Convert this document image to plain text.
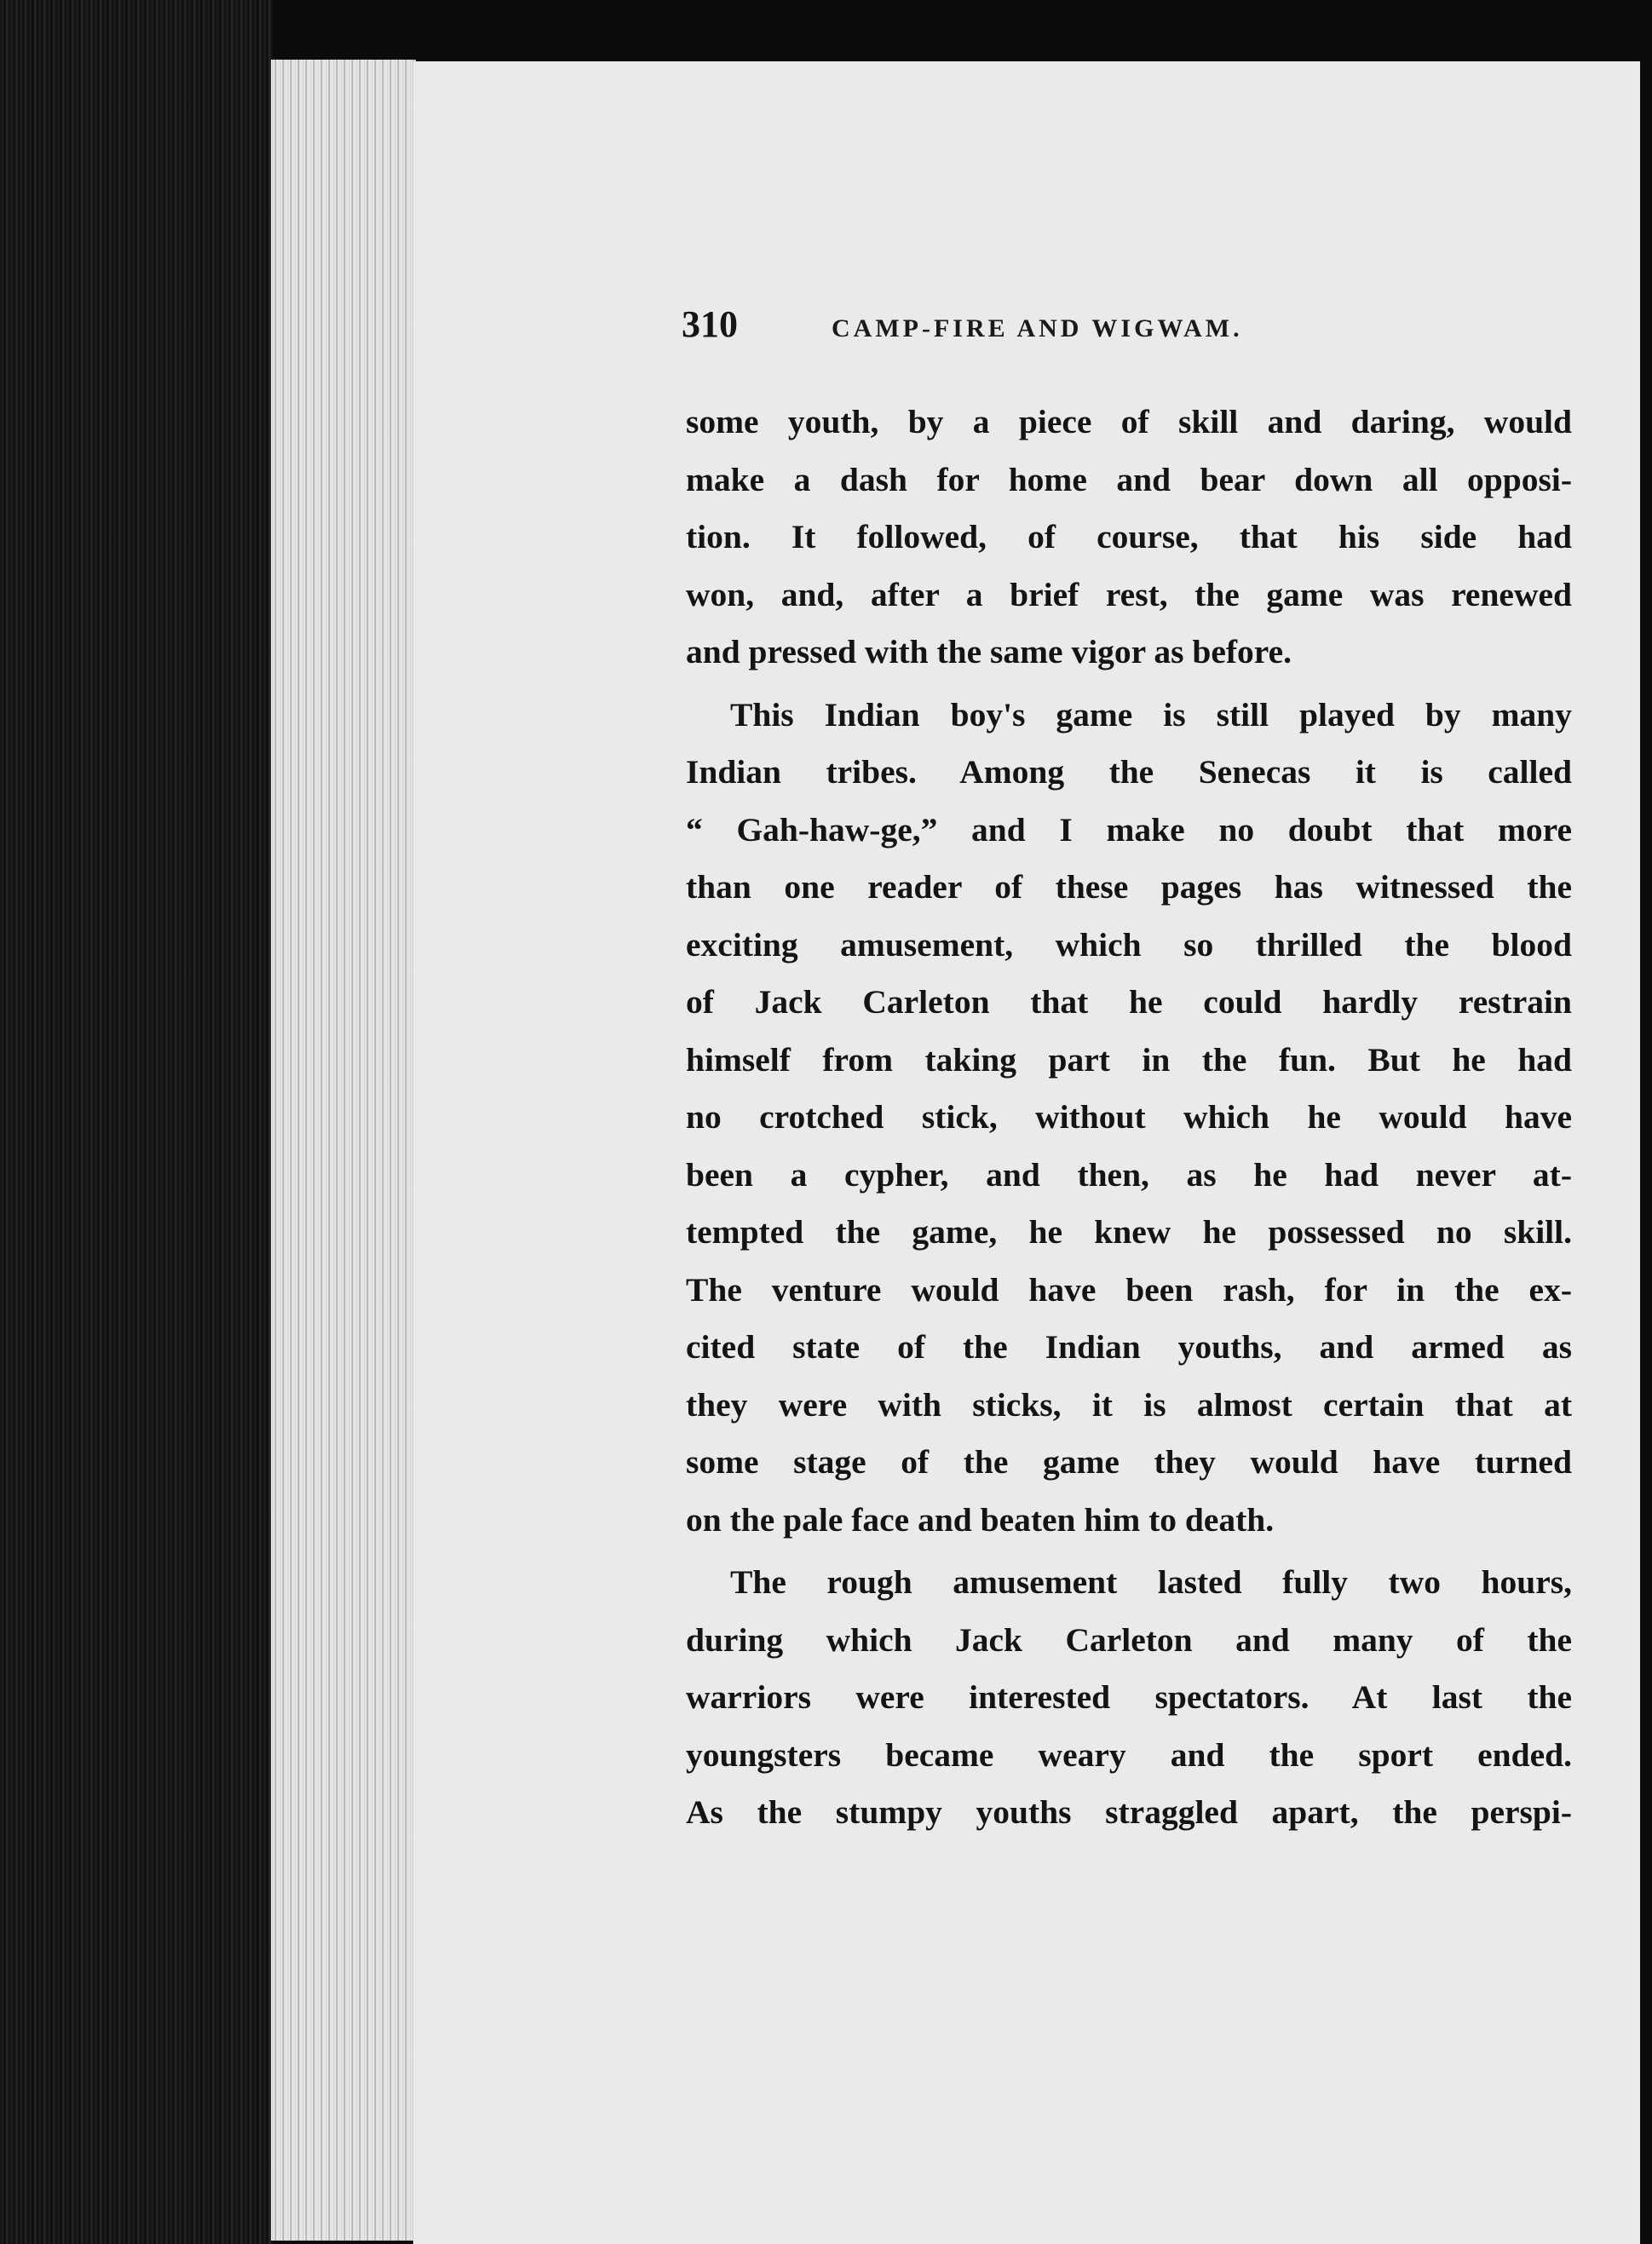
310	CAMP-FIRE AND WIGWAM.
some youth, by a piece of skill and daring, would
make a dash for home and bear down all opposi-
tion. It followed, of course, that his side had
won, and, after a brief rest, the game was renewed
and pressed with the same vigor as before.
This Indian boy's game is still played by many
Indian tribes. Among the Senecas it is called
“ Gah-haw-ge,” and I make no doubt that more
than one reader of these pages has witnessed the
exciting amusement, which so thrilled the blood
of Jack Carleton that he could hardly restrain
himself from taking part in the fun. But he had
no crotched stick, without which he would have
been a cypher, and then, as he had never at-
tempted the game, he knew he possessed no skill.
The venture would have been rash, for in the ex-
cited state of the Indian youths, and armed as
they were with sticks, it is almost certain that at
some stage of the game they would have turned
on the pale face and beaten him to death.
The rough amusement lasted fully two hours,
during which Jack Carleton and many of the
warriors were interested spectators. At last the
youngsters became weary and the sport ended.
As the stumpy youths straggled apart, the perspi-
